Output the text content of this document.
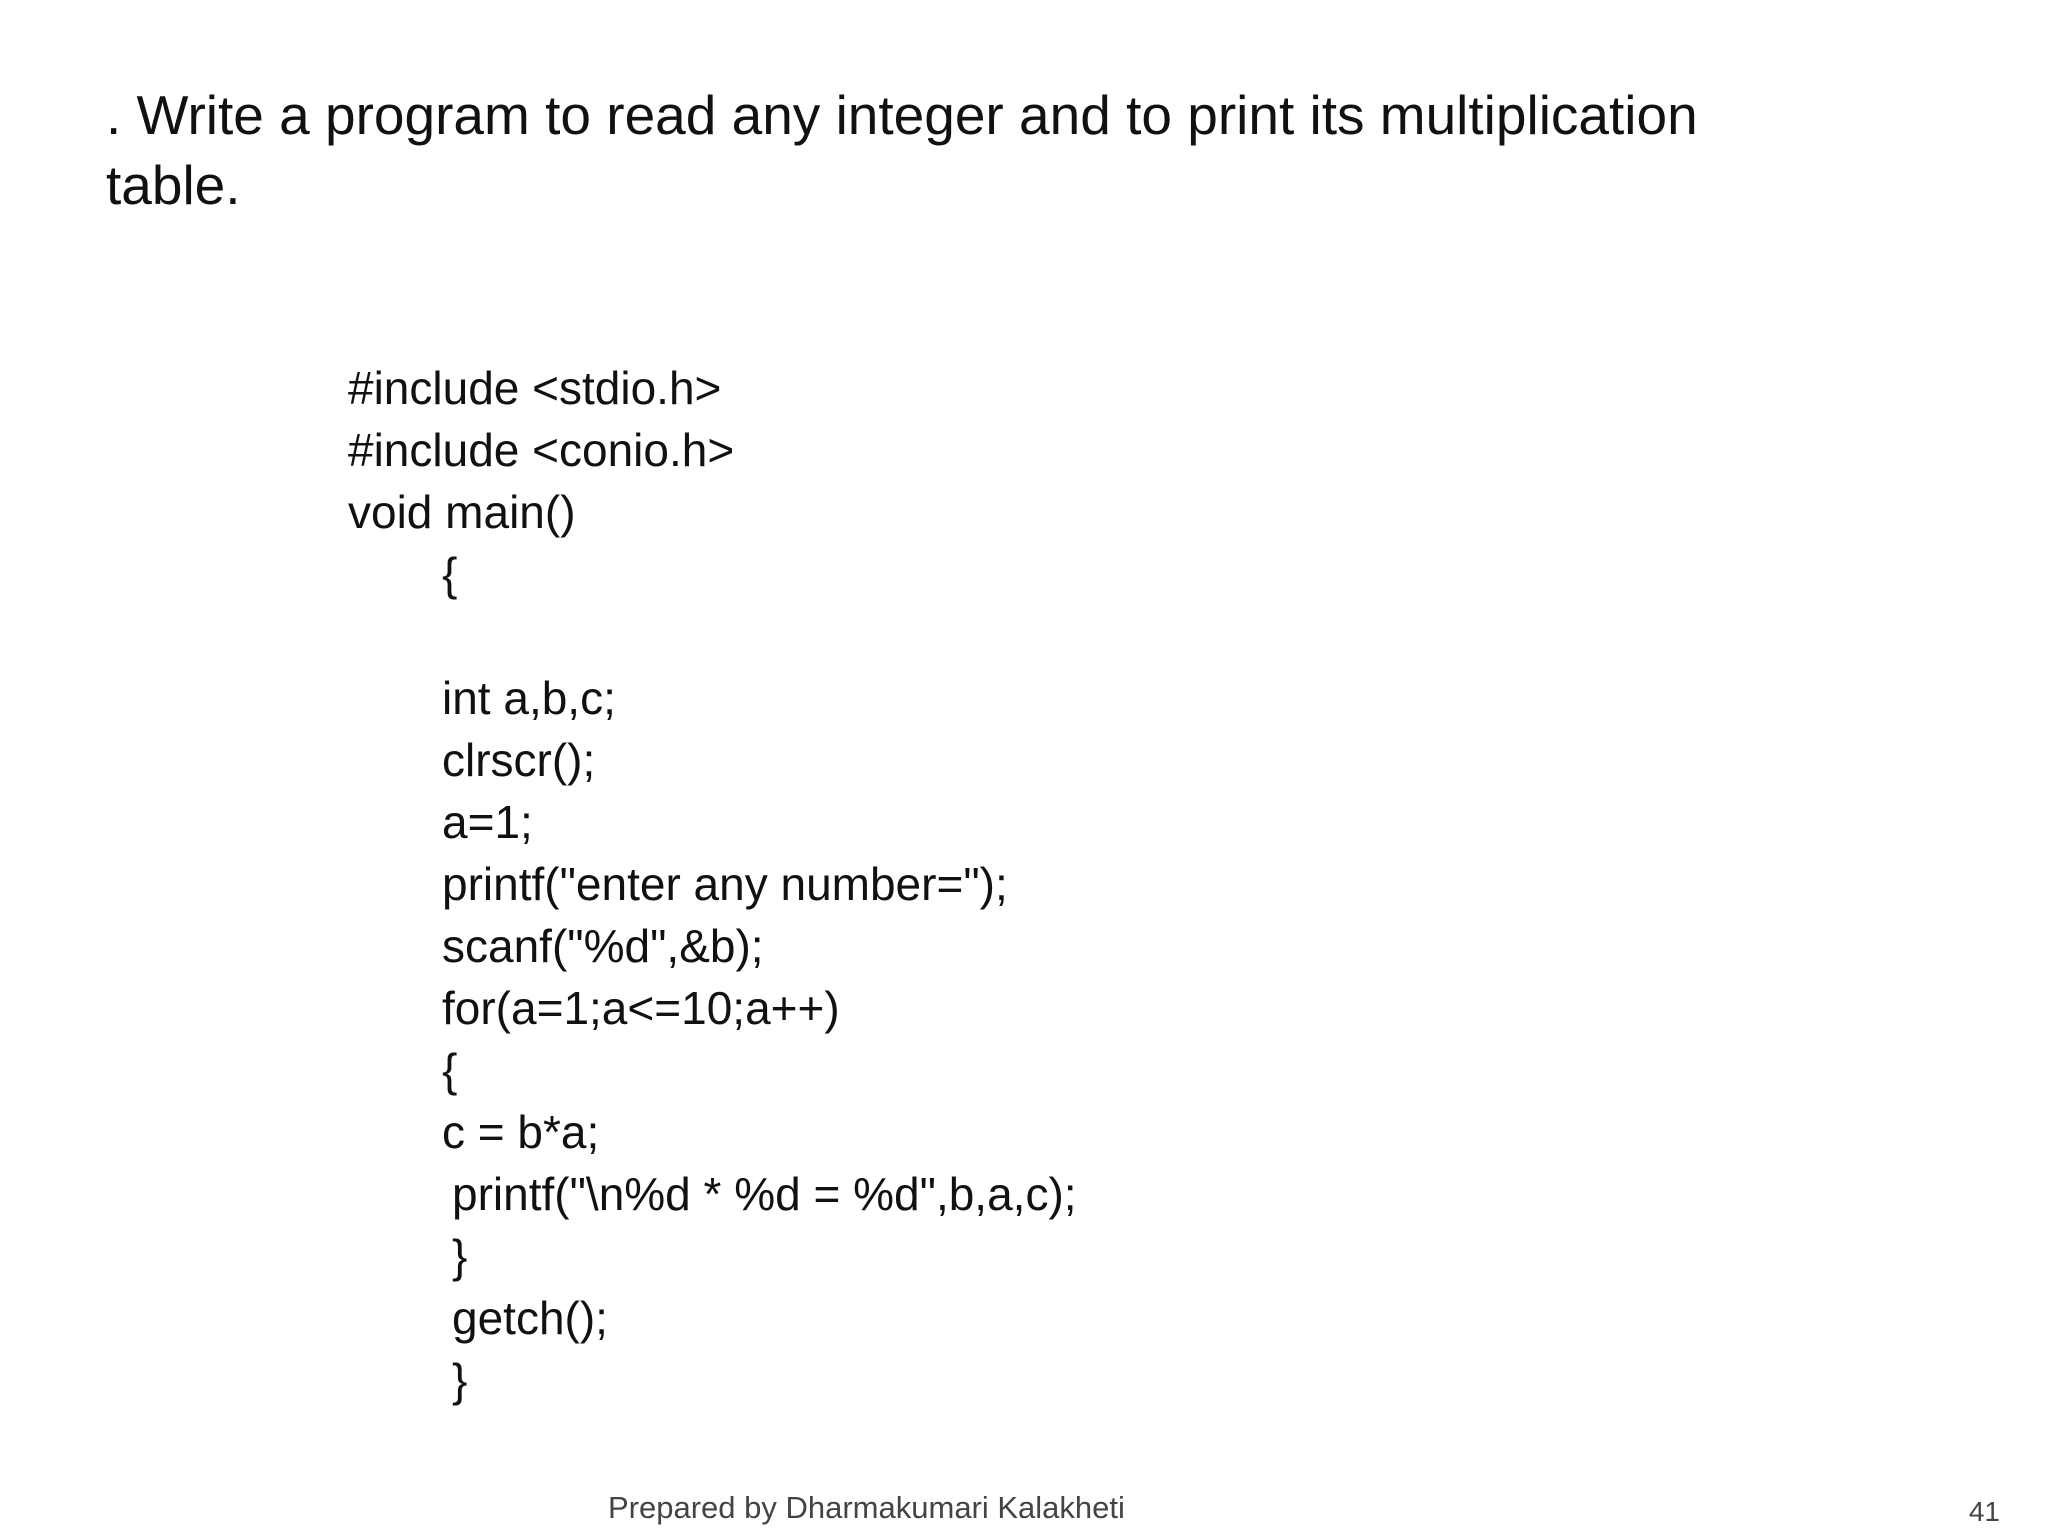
. Write a program to read any integer and to print its multiplication
table.
#include <stdio.h>
#include <conio.h>
void main()
{
int a,b,c;
clrscr();
a=1;
printf("enter any number=");
scanf("%d",&b);
for(a=1;a<=10;a++)
{
c = b*a;
printf("\n%d * %d = %d",b,a,c);
}
getch();
}
Prepared by Dharmakumari Kalakheti	41
